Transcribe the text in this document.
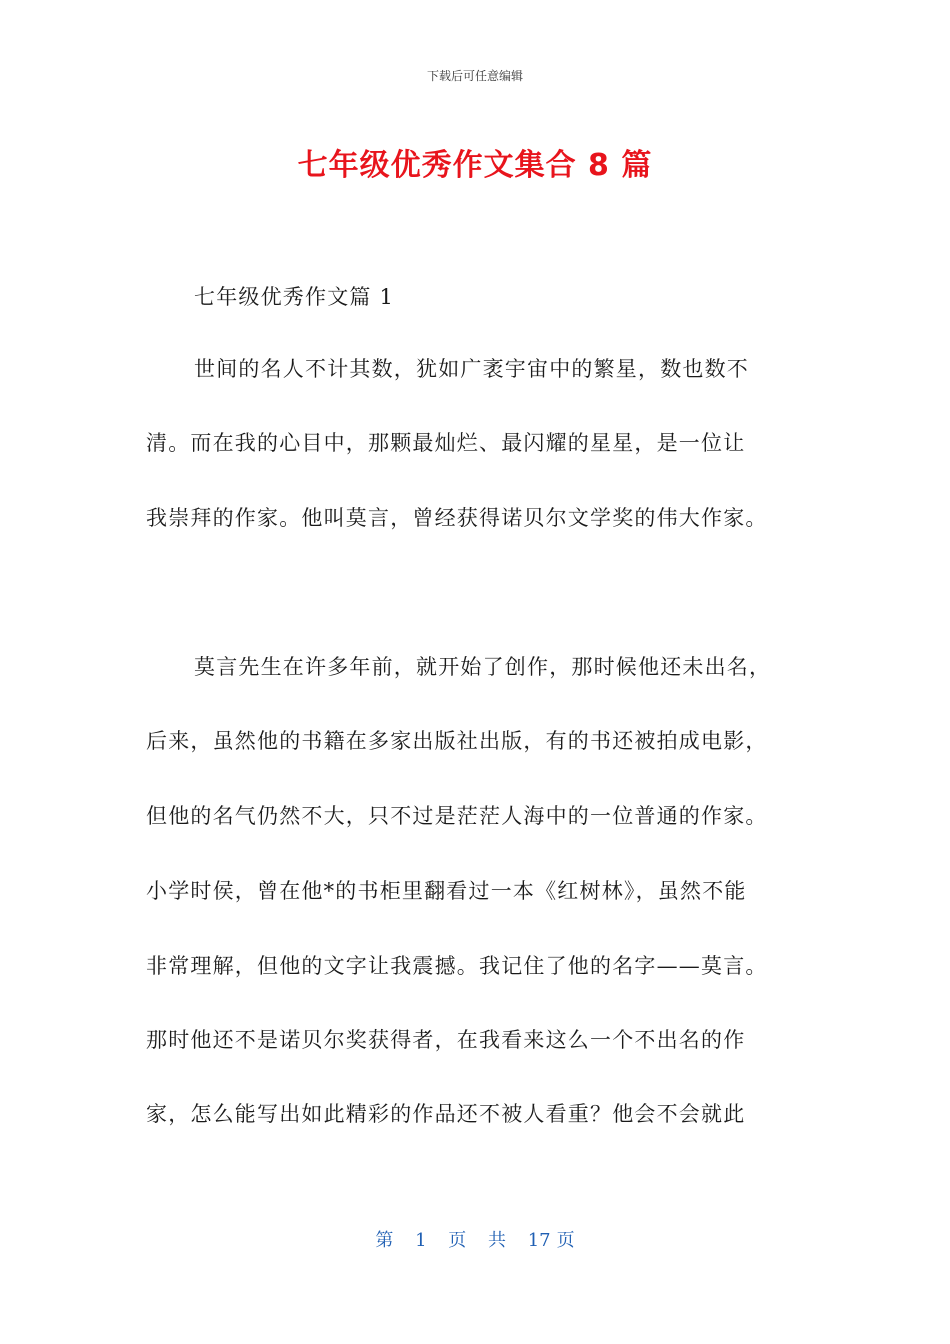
下载后可任意编辑
七年级优秀作文集合 8 篇
七年级优秀作文篇 1
世间的名人不计其数，犹如广袤宇宙中的繁星，数也数不
清。而在我的心目中，那颗最灿烂、最闪耀的星星，是一位让
我崇拜的作家。他叫莫言，曾经获得诺贝尔文学奖的伟大作家。
莫言先生在许多年前，就开始了创作，那时候他还未出名，
后来，虽然他的书籍在多家出版社出版，有的书还被拍成电影，
但他的名气仍然不大，只不过是茫茫人海中的一位普通的作家。
小学时侯，曾在他*的书柜里翻看过一本《红树林》，虽然不能
非常理解，但他的文字让我震撼。我记住了他的名字——莫言。
那时他还不是诺贝尔奖获得者，在我看来这么一个不出名的作
家，怎么能写出如此精彩的作品还不被人看重？他会不会就此
第 1 页 共 17 页
